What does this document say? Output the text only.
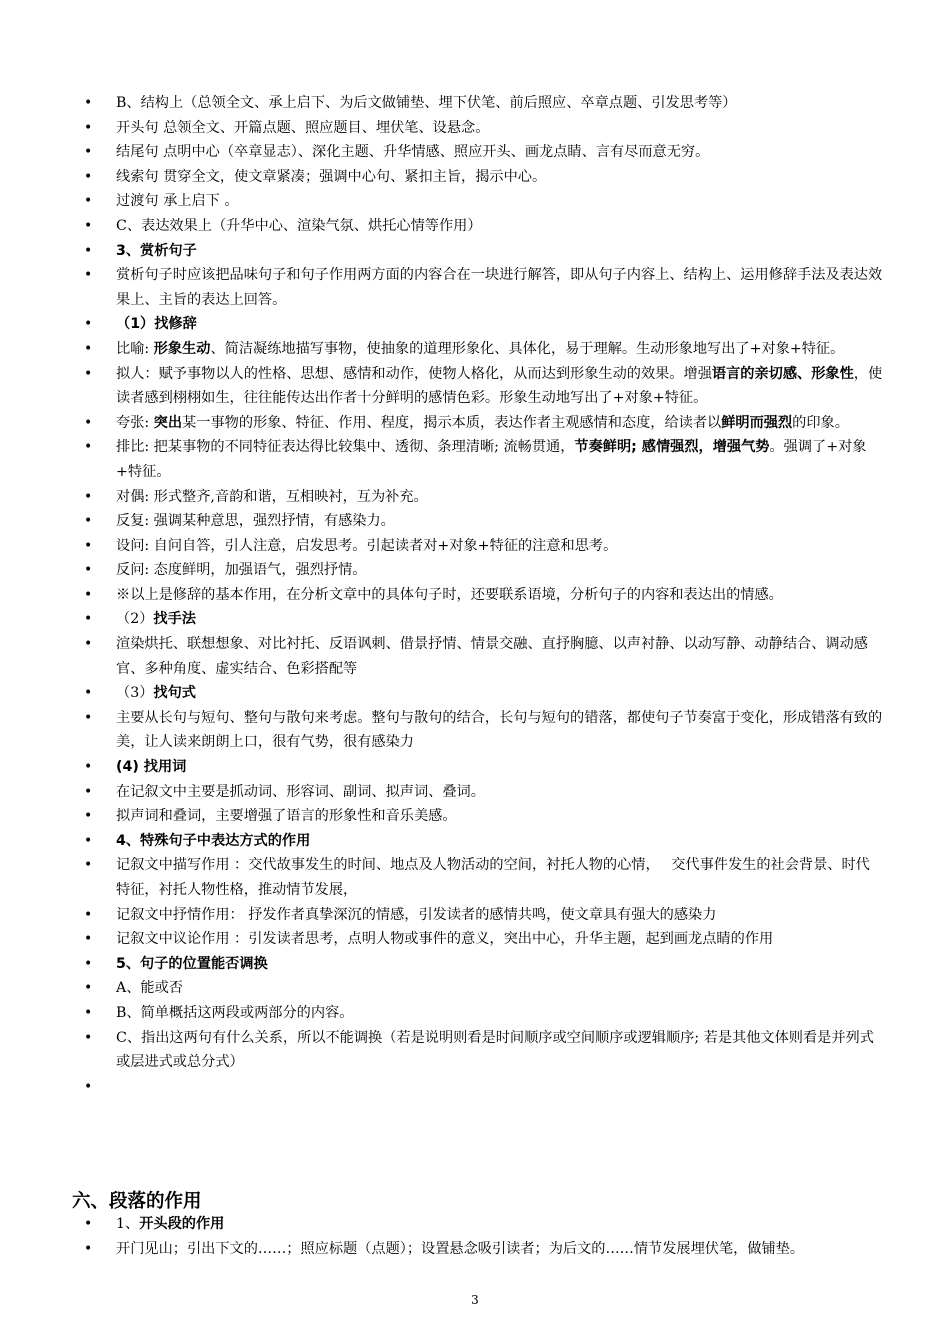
•	B、结构上（总领全文、承上启下、为后文做铺垫、埋下伏笔、前后照应、卒章点题、引发思考等）
•	开头句 总领全文、开篇点题、照应题目、埋伏笔、设悬念。
•	结尾句 点明中心（卒章显志）、深化主题、升华情感、照应开头、画龙点睛、言有尽而意无穷。
•	线索句 贯穿全文，使文章紧凑；强调中心句、紧扣主旨，揭示中心。
•	过渡句 承上启下 。
•	C、表达效果上（升华中心、渲染气氛、烘托心情等作用）
•	3、赏析句子
•	赏析句子时应该把品味句子和句子作用两方面的内容合在一块进行解答，即从句子内容上、结构上、运用修辞手法及表达效果上、主旨的表达上回答。
•	（1）找修辞
•	比喻: 形象生动、简洁凝练地描写事物，使抽象的道理形象化、具体化，易于理解。生动形象地写出了+对象+特征。
•	拟人：赋予事物以人的性格、思想、感情和动作，使物人格化，从而达到形象生动的效果。增强语言的亲切感、形象性，使读者感到栩栩如生，往往能传达出作者十分鲜明的感情色彩。形象生动地写出了+对象+特征。
•	夸张: 突出某一事物的形象、特征、作用、程度，揭示本质，表达作者主观感情和态度，给读者以鲜明而强烈的印象。
•	排比: 把某事物的不同特征表达得比较集中、透彻、条理清晰; 流畅贯通，节奏鲜明; 感情强烈，增强气势。强调了+对象+特征。
•	对偶: 形式整齐,音韵和谐，互相映衬，互为补充。
•	反复: 强调某种意思，强烈抒情，有感染力。
•	设问: 自问自答，引人注意，启发思考。引起读者对+对象+特征的注意和思考。
•	反问: 态度鲜明，加强语气，强烈抒情。
•	※以上是修辞的基本作用，在分析文章中的具体句子时，还要联系语境，分析句子的内容和表达出的情感。
•	（2）找手法
•	渲染烘托、联想想象、对比衬托、反语讽刺、借景抒情、情景交融、直抒胸臆、以声衬静、以动写静、动静结合、调动感官、多种角度、虚实结合、色彩搭配等
•	（3）找句式
•	主要从长句与短句、整句与散句来考虑。整句与散句的结合，长句与短句的错落，都使句子节奏富于变化，形成错落有致的美，让人读来朗朗上口，很有气势，很有感染力
•	(4) 找用词
•	在记叙文中主要是抓动词、形容词、副词、拟声词、叠词。
•	拟声词和叠词，主要增强了语言的形象性和音乐美感。
•	4、特殊句子中表达方式的作用
•	记叙文中描写作用 ：交代故事发生的时间、地点及人物活动的空间，衬托人物的心情，　 交代事件发生的社会背景、时代特征，衬托人物性格，推动情节发展，
•	记叙文中抒情作用： 抒发作者真挚深沉的情感，引发读者的感情共鸣，使文章具有强大的感染力
•	记叙文中议论作用 ：引发读者思考，点明人物或事件的意义，突出中心，升华主题，起到画龙点睛的作用
•	5、句子的位置能否调换
•	A、能或否
•	B、简单概括这两段或两部分的内容。
•	C、指出这两句有什么关系，所以不能调换（若是说明则看是时间顺序或空间顺序或逻辑顺序; 若是其他文体则看是并列式或层进式或总分式）
•
六、段落的作用
• 1、开头段的作用
• 开门见山；引出下文的……；照应标题（点题）；设置悬念吸引读者；为后文的……情节发展埋伏笔，做铺垫。
3
